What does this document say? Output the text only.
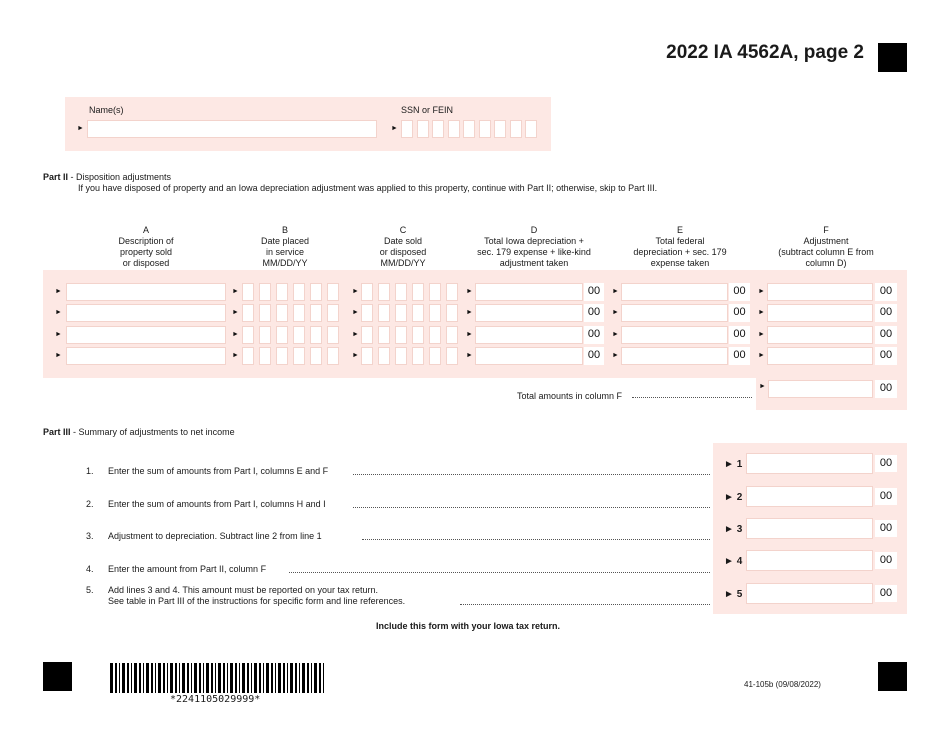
2022 IA 4562A, page 2
Name(s)	SSN or FEIN
►	►
Part II - Disposition adjustments
If you have disposed of property and an Iowa depreciation adjustment was applied to this property, continue with Part II; otherwise, skip to Part III.
A
Description of
property sold
or disposed
B
Date placed
in service
MM/DD/YY
C
Date sold
or disposed
MM/DD/YY
D
Total Iowa depreciation +
sec. 179 expense + like-kind
adjustment taken
E
Total federal
depreciation + sec. 179
expense taken
F
Adjustment
(subtract column E from
column D)
►	►	►	►	00	►	00	►	00
►	►	►	►	00	►	00	►	00
►	►	►	►	00	►	00	►	00
►	►	►	►	00	►	00	►	00
Total amounts in column F
►	00
Part III - Summary of adjustments to net income
1. Enter the sum of amounts from Part I, columns E and F
► 1	00
2. Enter the sum of amounts from Part I, columns H and I
► 2	00
3. Adjustment to depreciation. Subtract line 2 from line 1
► 3	00
4. Enter the amount from Part II, column F
► 4	00
5. Add lines 3 and 4. This amount must be reported on your tax return.
See table in Part III of the instructions for specific form and line references.
► 5	00
Include this form with your Iowa tax return.
*2241105029999*
41-105b (09/08/2022)
